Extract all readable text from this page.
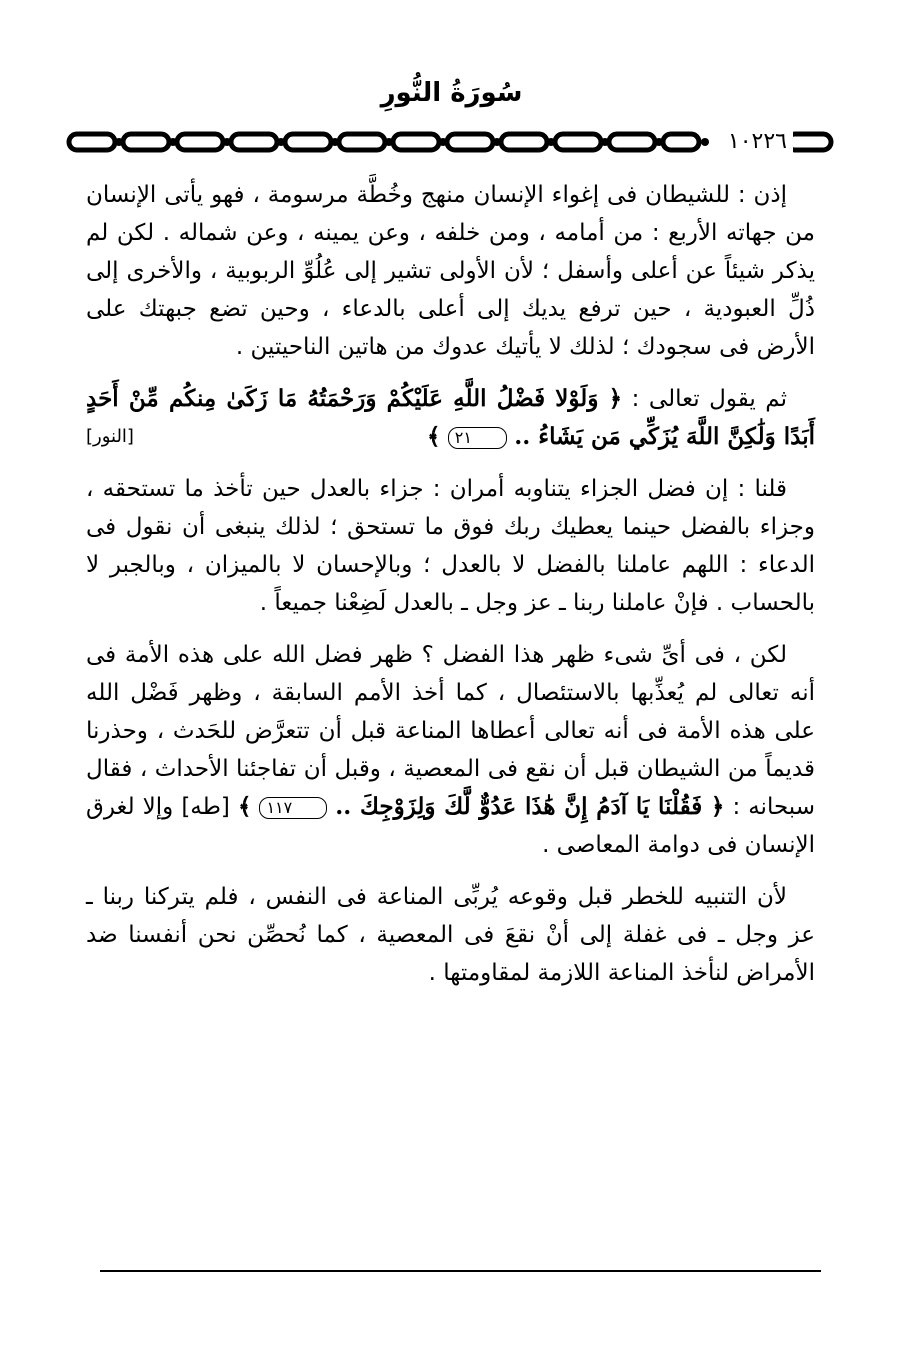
سُورَةُ النُّورِ
١٠٢٢٦

إذن : للشيطان فى إغواء الإنسان منهج وخُطَّة مرسومة ، فهو يأتى الإنسان من جهاته الأربع : من أمامه ، ومن خلفه ، وعن يمينه ، وعن شماله . لكن لم يذكر شيئاً عن أعلى وأسفل ؛ لأن الأولى تشير إلى عُلُوِّ الربوبية ، والأخرى إلى ذُلِّ العبودية ، حين ترفع يديك إلى أعلى بالدعاء ، وحين تضع جبهتك على الأرض فى سجودك ؛ لذلك لا يأتيك عدوك من هاتين الناحيتين .

ثم يقول تعالى : ﴿ وَلَوْلا فَضْلُ اللَّهِ عَلَيْكُمْ وَرَحْمَتُهُ مَا زَكَىٰ مِنكُم مِّنْ أَحَدٍ أَبَدًا وَلَٰكِنَّ اللَّهَ يُزَكِّي مَن يَشَاءُ .. ٢١ ﴾
[النور]

قلنا : إن فضل الجزاء يتناوبه أمران : جزاء بالعدل حين تأخذ ما تستحقه ، وجزاء بالفضل حينما يعطيك ربك فوق ما تستحق ؛ لذلك ينبغى أن نقول فى الدعاء : اللهم عاملنا بالفضل لا بالعدل ؛ وبالإحسان لا بالميزان ، وبالجبر لا بالحساب . فإنْ عاملنا ربنا ـ عز وجل ـ بالعدل لَضِعْنا جميعاً .

لكن ، فى أىِّ شىء ظهر هذا الفضل ؟ ظهر فضل الله على هذه الأمة فى أنه تعالى لم يُعذِّبها بالاستئصال ، كما أخذ الأمم السابقة ، وظهر فَضْل الله على هذه الأمة فى أنه تعالى أعطاها المناعة قبل أن تتعرَّض للحَدث ، وحذرنا قديماً من الشيطان قبل أن نقع فى المعصية ، وقبل أن تفاجئنا الأحداث ، فقال سبحانه : ﴿ فَقُلْنَا يَا آدَمُ إِنَّ هَٰذَا عَدُوٌّ لَّكَ وَلِزَوْجِكَ .. ١١٧ ﴾ [طه] وإلا لغرق الإنسان فى دوامة المعاصى .

لأن التنبيه للخطر قبل وقوعه يُربِّى المناعة فى النفس ، فلم يتركنا ربنا ـ عز وجل ـ فى غفلة إلى أنْ نقعَ فى المعصية ، كما نُحصِّن نحن أنفسنا ضد الأمراض لنأخذ المناعة اللازمة لمقاومتها .
